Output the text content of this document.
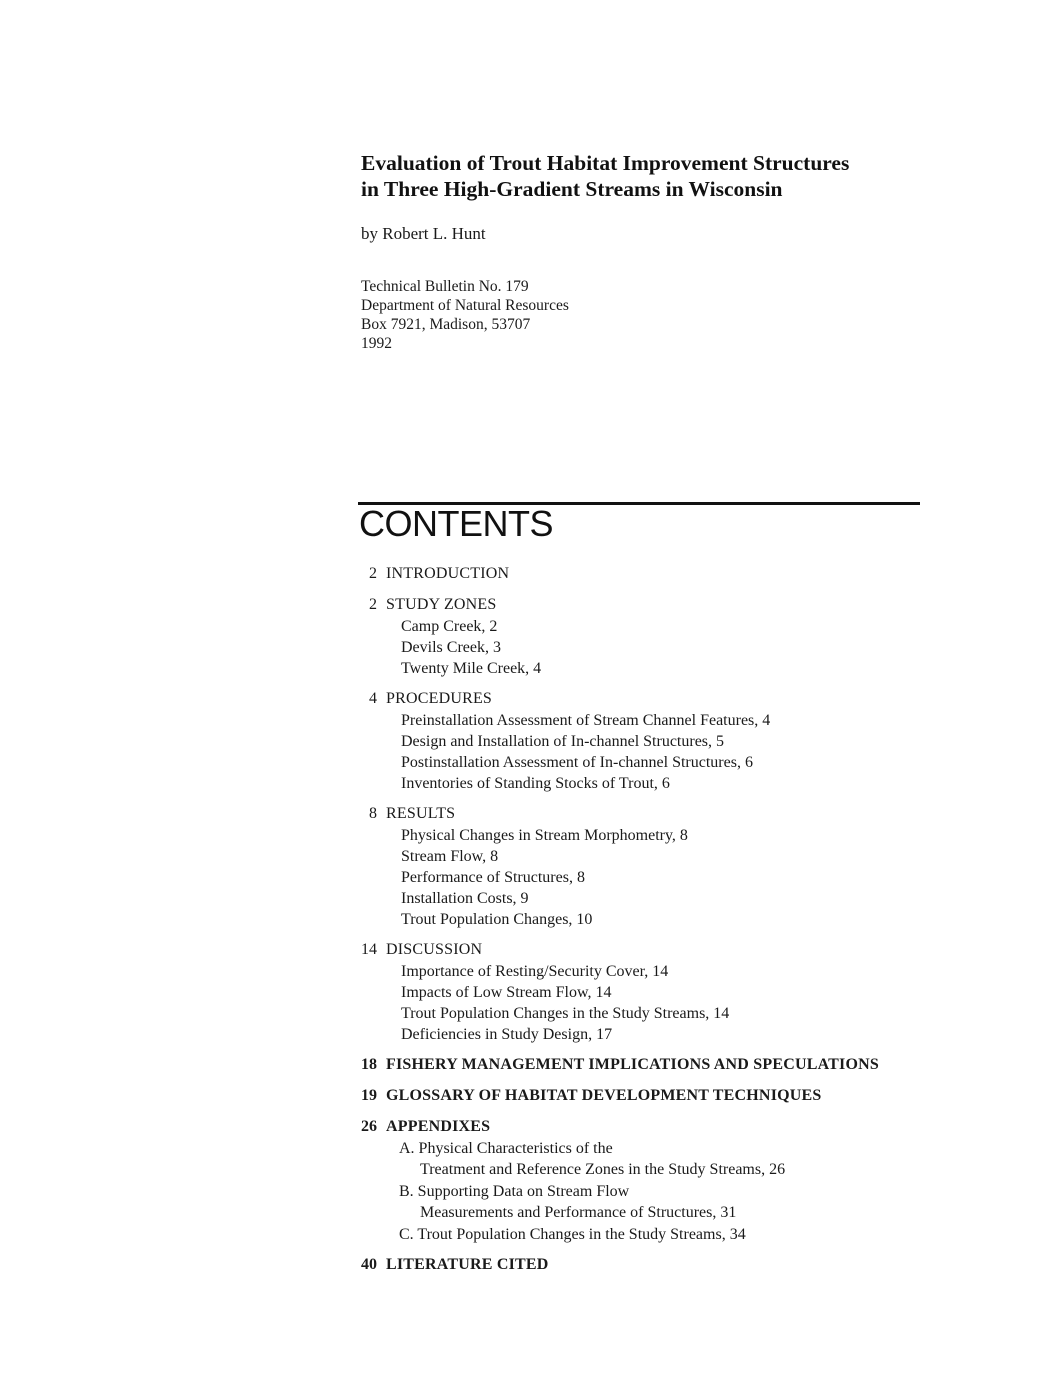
Evaluation of Trout Habitat Improvement Structures
in Three High-Gradient Streams in Wisconsin
by Robert L. Hunt
Technical Bulletin No. 179
Department of Natural Resources
Box 7921, Madison, 53707
1992
CONTENTS
2 INTRODUCTION
2 STUDY ZONES
Camp Creek, 2
Devils Creek, 3
Twenty Mile Creek, 4
4 PROCEDURES
Preinstallation Assessment of Stream Channel Features, 4
Design and Installation of In-channel Structures, 5
Postinstallation Assessment of In-channel Structures, 6
Inventories of Standing Stocks of Trout, 6
8 RESULTS
Physical Changes in Stream Morphometry, 8
Stream Flow, 8
Performance of Structures, 8
Installation Costs, 9
Trout Population Changes, 10
14 DISCUSSION
Importance of Resting/Security Cover, 14
Impacts of Low Stream Flow, 14
Trout Population Changes in the Study Streams, 14
Deficiencies in Study Design, 17
18 FISHERY MANAGEMENT IMPLICATIONS AND SPECULATIONS
19 GLOSSARY OF HABITAT DEVELOPMENT TECHNIQUES
26 APPENDIXES
A. Physical Characteristics of the
Treatment and Reference Zones in the Study Streams, 26
B. Supporting Data on Stream Flow
Measurements and Performance of Structures, 31
C. Trout Population Changes in the Study Streams, 34
40 LITERATURE CITED
